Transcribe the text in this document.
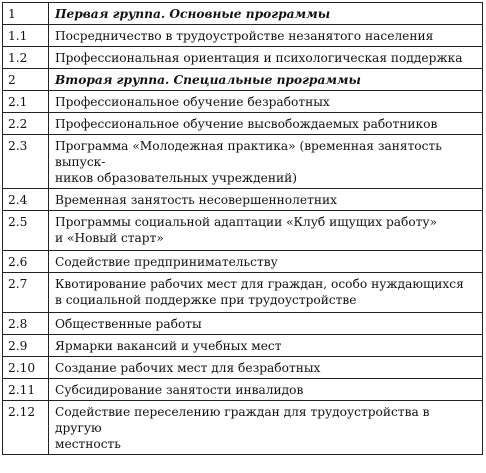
1	Первая группа. Основные программы
1.1	Посредничество в трудоустройстве незанятого населения
1.2	Профессиональная ориентация и психологическая поддержка
2	Вторая группа. Специальные программы
2.1	Профессиональное обучение безработных
2.2	Профессиональное обучение высвобождаемых работников
2.3	Программа «Молодежная практика» (временная занятость выпуск-
ников образовательных учреждений)

2.4	Временная занятость несовершеннолетних
2.5	Программы социальной адаптации «Клуб ищущих работу»
и «Новый старт»

2.6	Содействие предпринимательству
2.7	Квотирование рабочих мест для граждан, особо нуждающихся
в социальной поддержке при трудоустройстве

2.8	Общественные работы
2.9	Ярмарки вакансий и учебных мест
2.10	Создание рабочих мест для безработных
2.11	Субсидирование занятости инвалидов
2.12	Содействие переселению граждан для трудоустройства в другую
местность
